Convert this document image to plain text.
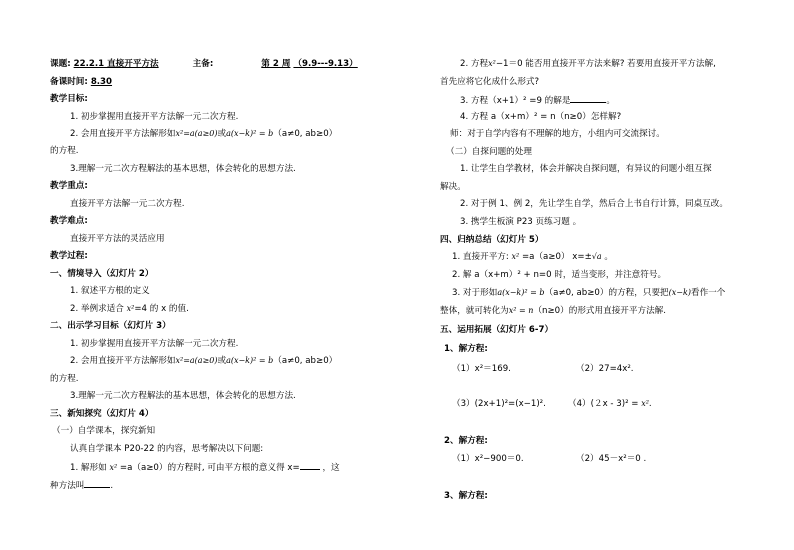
课题: 22.2.1 直接开平方法	主备:	第 2 周 （9.9---9.13）
备课时间: 8.30
教学目标:
1. 初步掌握用直接开平方法解一元二次方程.
2. 会用直接开平方法解形如x²=a(a≥0)或a(x−k)² = b（a≠0, ab≥0）
的方程.
3.理解一元二次方程解法的基本思想，体会转化的思想方法.
教学重点:
直接开平方法解一元二次方程.
教学难点:
直接开平方法的灵活应用
教学过程:
一、情境导入（幻灯片 2）
1. 叙述平方根的定义
2. 举例求适合 x²=4 的 x 的值.
二、出示学习目标（幻灯片 3）
1. 初步掌握用直接开平方法解一元二次方程.
2. 会用直接开平方法解形如x²=a(a≥0)或a(x−k)² = b（a≠0, ab≥0）
的方程.
3.理解一元二次方程解法的基本思想，体会转化的思想方法.
三、新知探究（幻灯片 4）
（一）自学课本，探究新知
认真自学课本 P20-22 的内容，思考解决以下问题:
1. 解形如 x² =a（a≥0）的方程时, 可由平方根的意义得 x=	，这
种方法叫	.
2. 方程x²−1＝0 能否用直接开平方法来解? 若要用直接开平方法解,
首先应将它化成什么形式?
3. 方程（x+1）² =9 的解是	。
4. 方程 a（x+m）² = n（n≥0）怎样解?
师：对于自学内容有不理解的地方，小组内可交流探讨。
（二）自探问题的处理
1. 让学生自学教材，体会并解决自探问题，有异议的问题小组互探
解决。
2. 对于例 1、例 2，先让学生自学，然后合上书自行计算，同桌互改。
3. 携学生板演 P23 页练习题 。
四、归纳总结（幻灯片 5）
1. 直接开平方: x² =a（a≥0） x=±√a 。
2. 解 a（x+m）² + n=0 时，适当变形，并注意符号。
3. 对于形如a(x−k)² = b（a≠0, ab≥0）的方程，只要把(x−k)看作一个
整体，就可转化为x² = n（n≥0）的形式用直接开平方法解.
五、运用拓展（幻灯片 6-7）
1、解方程:
（1）x²＝169.	（2）27=4x².
（3）(2x+1)²=(x−1)².	（4）(２x - 3)² = x².
2、解方程:
（1）x²−900＝0.	（2）45－x²＝0 .
3、解方程:
